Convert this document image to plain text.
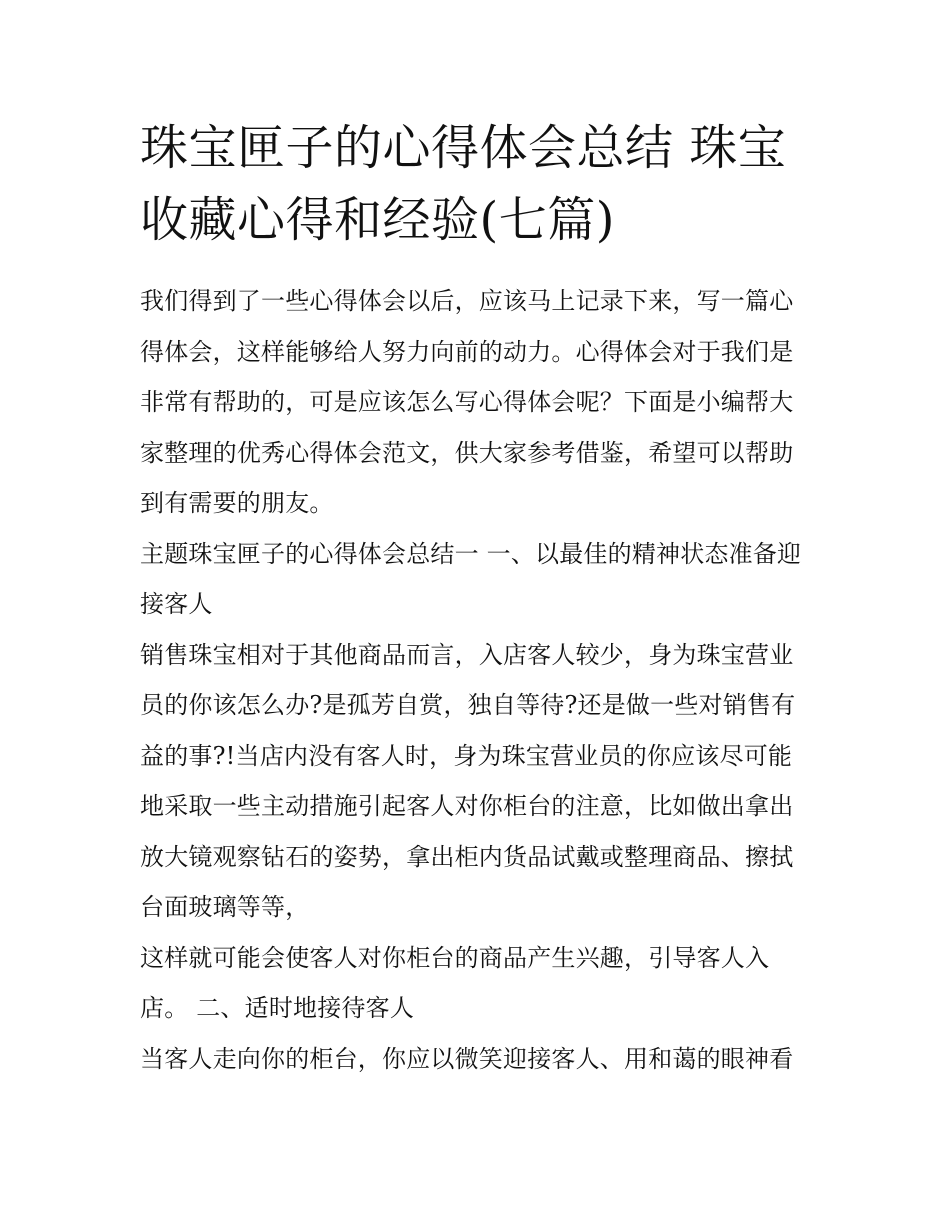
珠宝匣子的心得体会总结 珠宝收藏心得和经验(七篇)

我们得到了一些心得体会以后，应该马上记录下来，写一篇心得体会，这样能够给人努力向前的动力。心得体会对于我们是非常有帮助的，可是应该怎么写心得体会呢？下面是小编帮大家整理的优秀心得体会范文，供大家参考借鉴，希望可以帮助到有需要的朋友。

主题珠宝匣子的心得体会总结一 一、以最佳的精神状态准备迎接客人

销售珠宝相对于其他商品而言，入店客人较少，身为珠宝营业员的你该怎么办?是孤芳自赏，独自等待?还是做一些对销售有益的事?!当店内没有客人时，身为珠宝营业员的你应该尽可能地采取一些主动措施引起客人对你柜台的注意，比如做出拿出放大镜观察钻石的姿势，拿出柜内货品试戴或整理商品、擦拭台面玻璃等等，

这样就可能会使客人对你柜台的商品产生兴趣，引导客人入店。 二、适时地接待客人

当客人走向你的柜台，你应以微笑迎接客人、用和蔼的眼神看
